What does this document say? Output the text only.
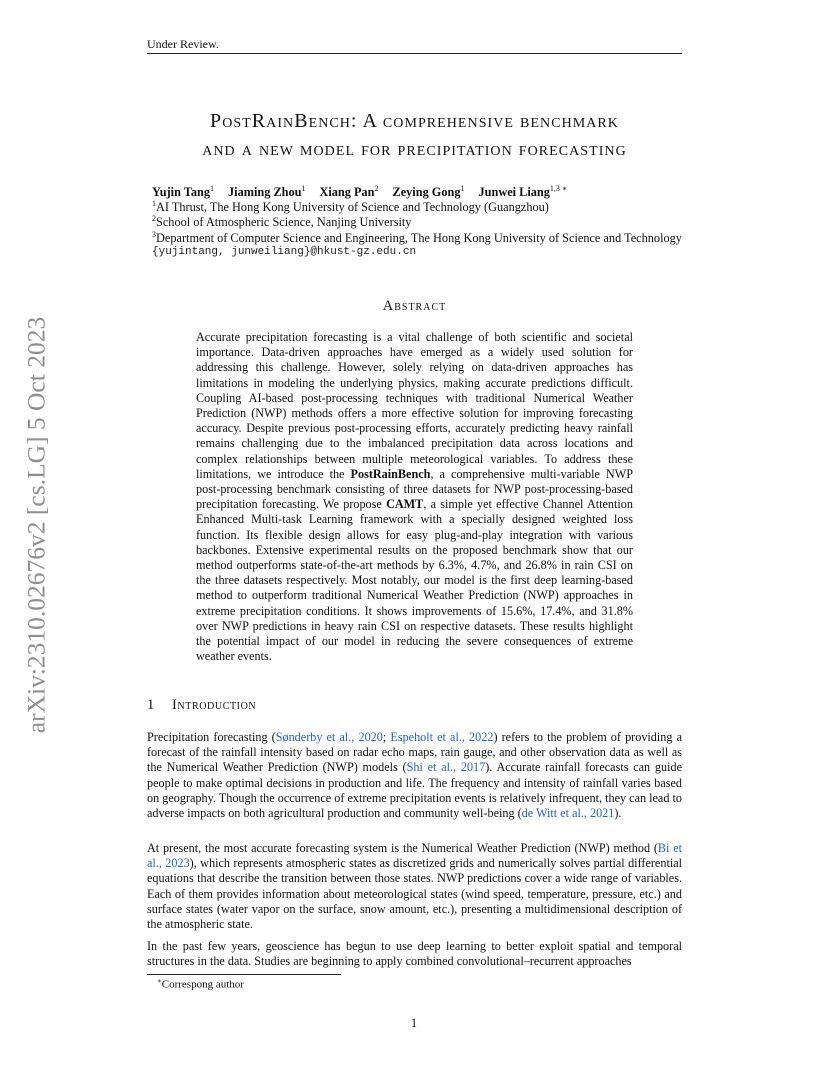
Under Review.
arXiv:2310.02676v2 [cs.LG] 5 Oct 2023
PostRainBench: A comprehensive benchmark
and a new model for precipitation forecasting
Yujin Tang$^1$ Jiaming Zhou$^1$ Xiang Pan$^2$ Zeying Gong$^1$ Junwei Liang$^{1,3 ∗}$
$^1$AI Thrust, The Hong Kong University of Science and Technology (Guangzhou)
$^2$School of Atmospheric Science, Nanjing University
$^3$Department of Computer Science and Engineering, The Hong Kong University of Science and Technology
{yujintang, junweiliang}@hkust-gz.edu.cn
Abstract

Accurate precipitation forecasting is a vital challenge of both scientific and societal importance. Data-driven approaches have emerged as a widely used solution for addressing this challenge. However, solely relying on data-driven approaches has limitations in modeling the underlying physics, making accurate predictions difficult. Coupling AI-based post-processing techniques with traditional Numerical Weather Prediction (NWP) methods offers a more effective solution for improving forecasting accuracy. Despite previous post-processing efforts, accurately predicting heavy rainfall remains challenging due to the imbalanced precipitation data across locations and complex relationships between multiple meteorological variables. To address these limitations, we introduce the PostRainBench, a comprehensive multi-variable NWP post-processing benchmark consisting of three datasets for NWP post-processing-based precipitation forecasting. We propose CAMT, a simple yet effective Channel Attention Enhanced Multi-task Learning framework with a specially designed weighted loss function. Its flexible design allows for easy plug-and-play integration with various backbones. Extensive experimental results on the proposed benchmark show that our method outperforms state-of-the-art methods by 6.3%, 4.7%, and 26.8% in rain CSI on the three datasets respectively. Most notably, our model is the first deep learning-based method to outperform traditional Numerical Weather Prediction (NWP) approaches in extreme precipitation conditions. It shows improvements of 15.6%, 17.4%, and 31.8% over NWP predictions in heavy rain CSI on respective datasets. These results highlight the potential impact of our model in reducing the severe consequences of extreme weather events.

1 Introduction

Precipitation forecasting (Sønderby et al., 2020; Espeholt et al., 2022) refers to the problem of providing a forecast of the rainfall intensity based on radar echo maps, rain gauge, and other observation data as well as the Numerical Weather Prediction (NWP) models (Shi et al., 2017). Accurate rainfall forecasts can guide people to make optimal decisions in production and life. The frequency and intensity of rainfall varies based on geography. Though the occurrence of extreme precipitation events is relatively infrequent, they can lead to adverse impacts on both agricultural production and community well-being (de Witt et al., 2021).

At present, the most accurate forecasting system is the Numerical Weather Prediction (NWP) method (Bi et al., 2023), which represents atmospheric states as discretized grids and numerically solves partial differential equations that describe the transition between those states. NWP predictions cover a wide range of variables. Each of them provides information about meteorological states (wind speed, temperature, pressure, etc.) and surface states (water vapor on the surface, snow amount, etc.), presenting a multidimensional description of the atmospheric state.

In the past few years, geoscience has begun to use deep learning to better exploit spatial and temporal structures in the data. Studies are beginning to apply combined convolutional–recurrent approaches

∗Correspong author
1
